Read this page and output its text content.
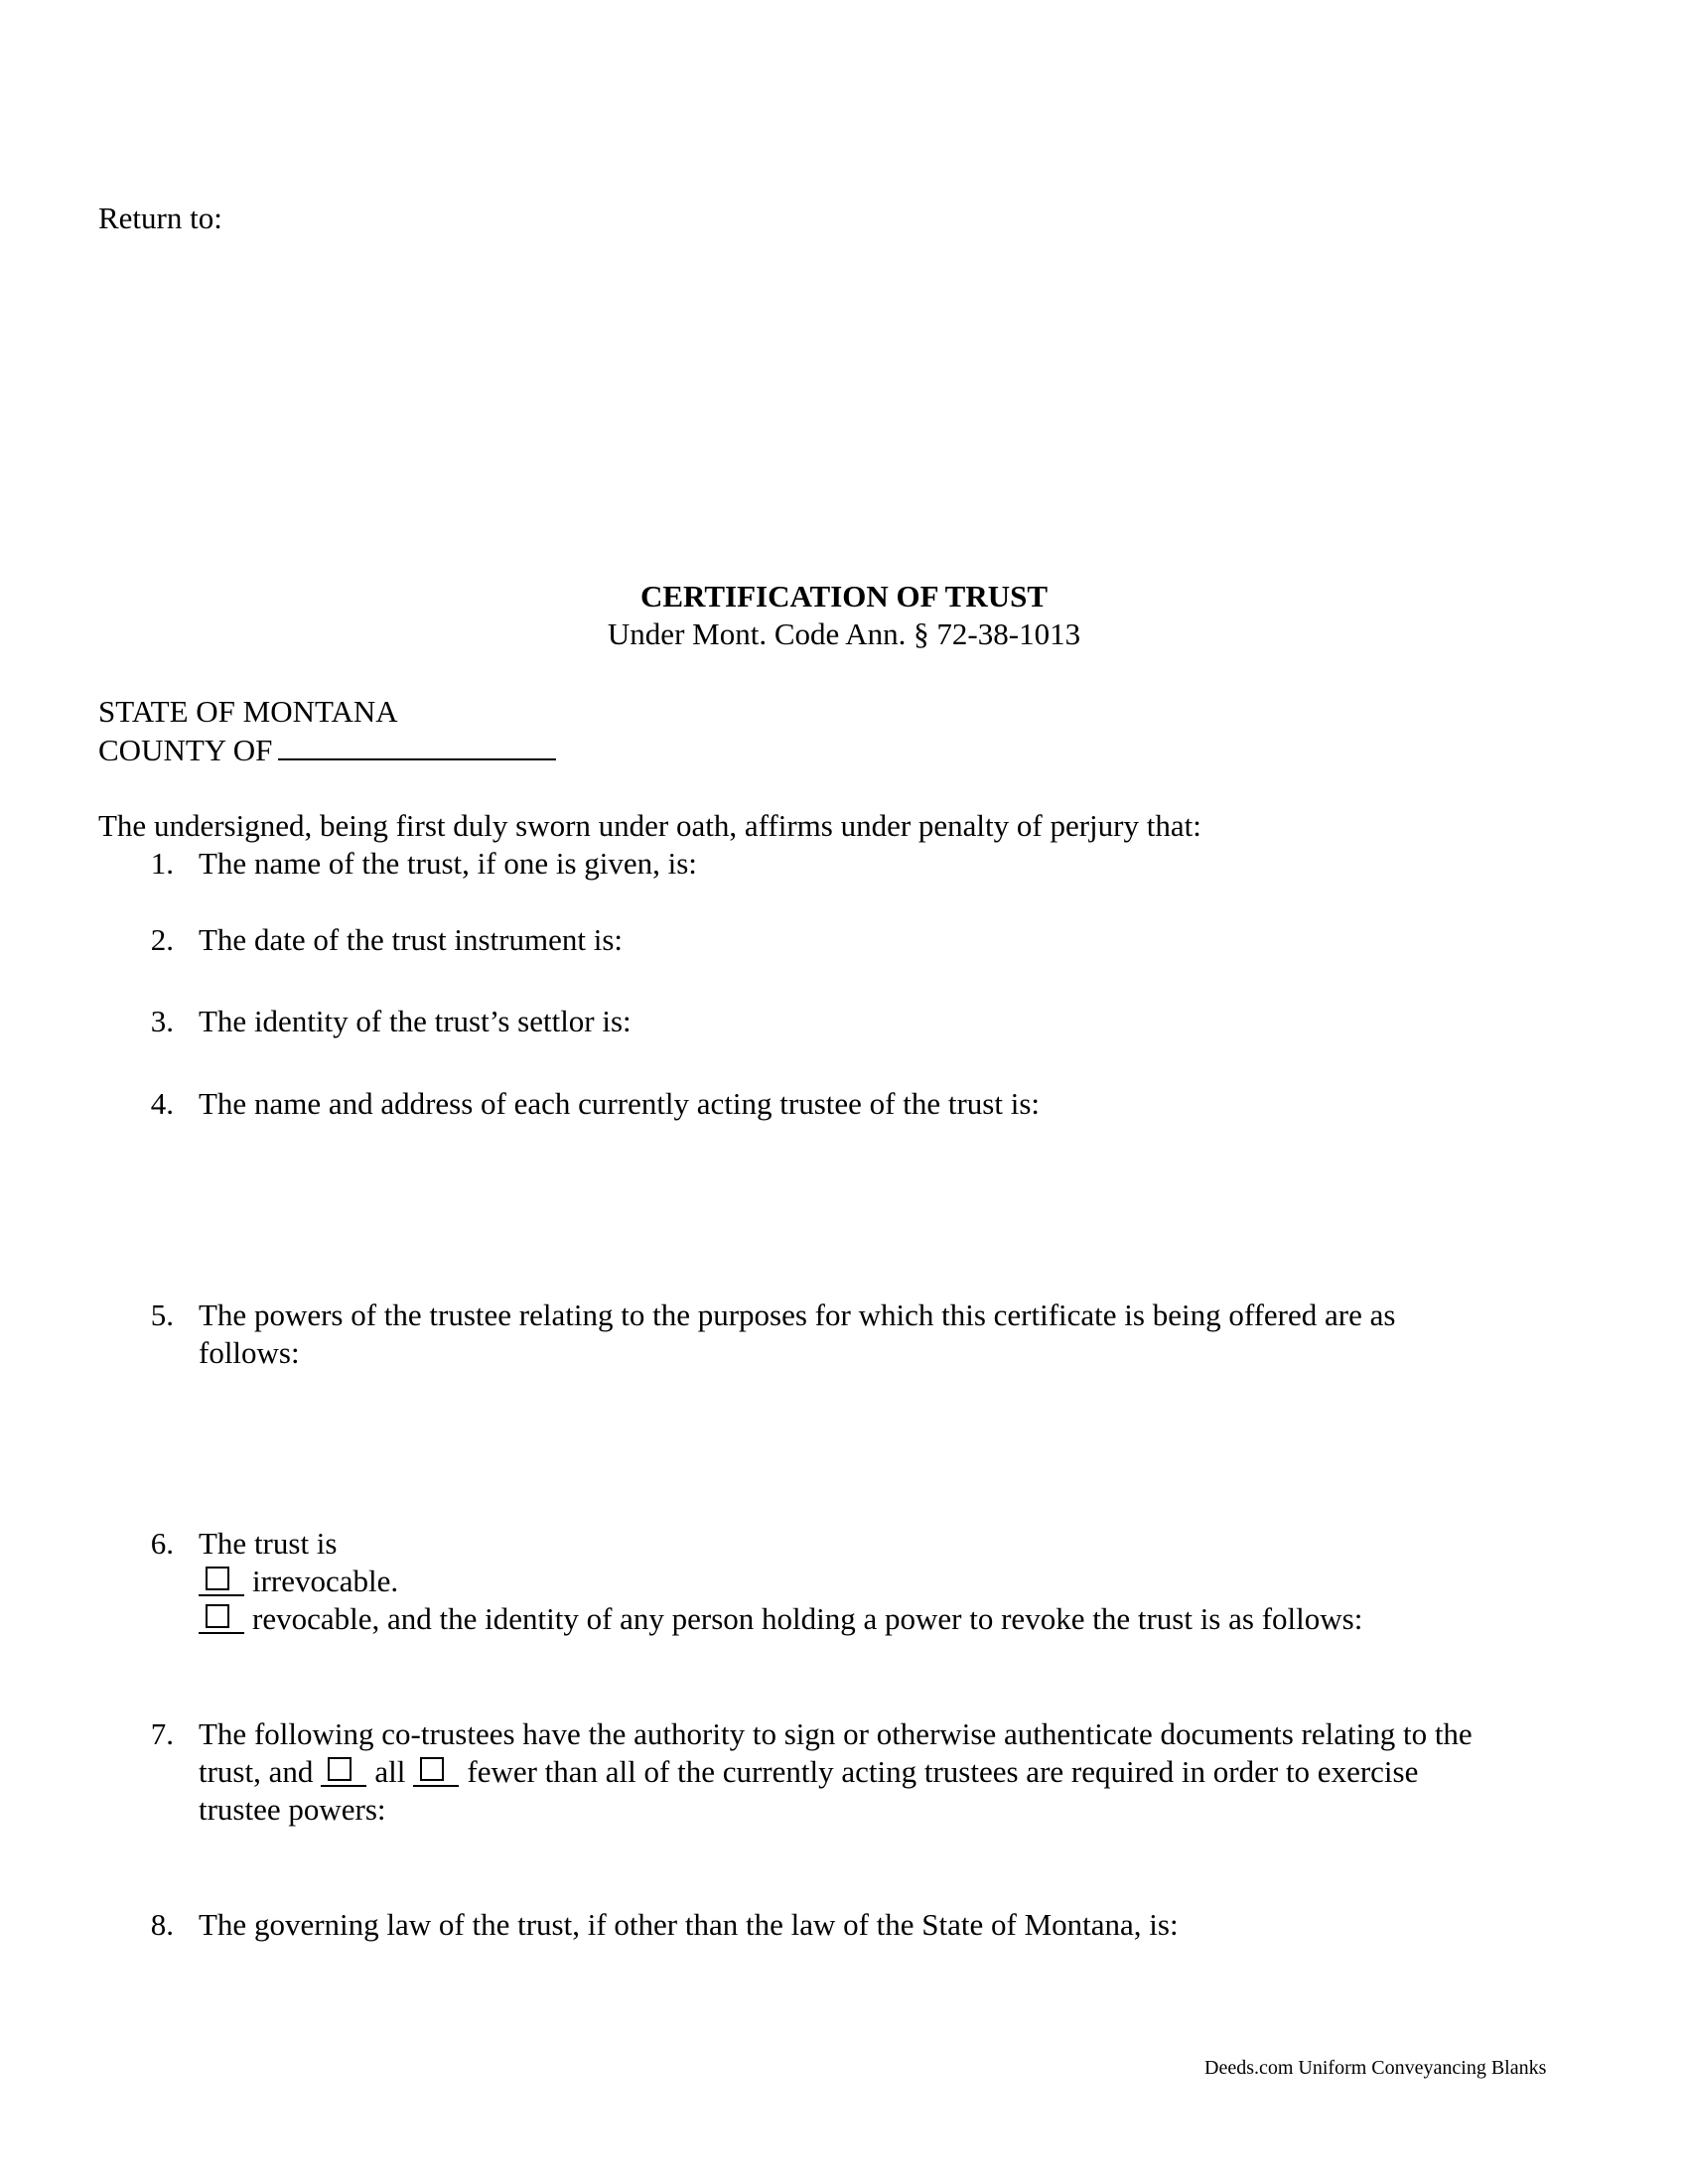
Return to:
CERTIFICATION OF TRUST
Under Mont. Code Ann. § 72-38-1013
STATE OF MONTANA
COUNTY OF
The undersigned, being first duly sworn under oath, affirms under penalty of perjury that:
1. The name of the trust, if one is given, is:
2. The date of the trust instrument is:
3. The identity of the trust’s settlor is:
4. The name and address of each currently acting trustee of the trust is:
5. The powers of the trustee relating to the purposes for which this certificate is being offered are as
follows:
6. The trust is
irrevocable.
revocable, and the identity of any person holding a power to revoke the trust is as follows:
7. The following co-trustees have the authority to sign or otherwise authenticate documents relating to the
trust, and all fewer than all of the currently acting trustees are required in order to exercise
trustee powers:
8. The governing law of the trust, if other than the law of the State of Montana, is:
Deeds.com Uniform Conveyancing Blanks
